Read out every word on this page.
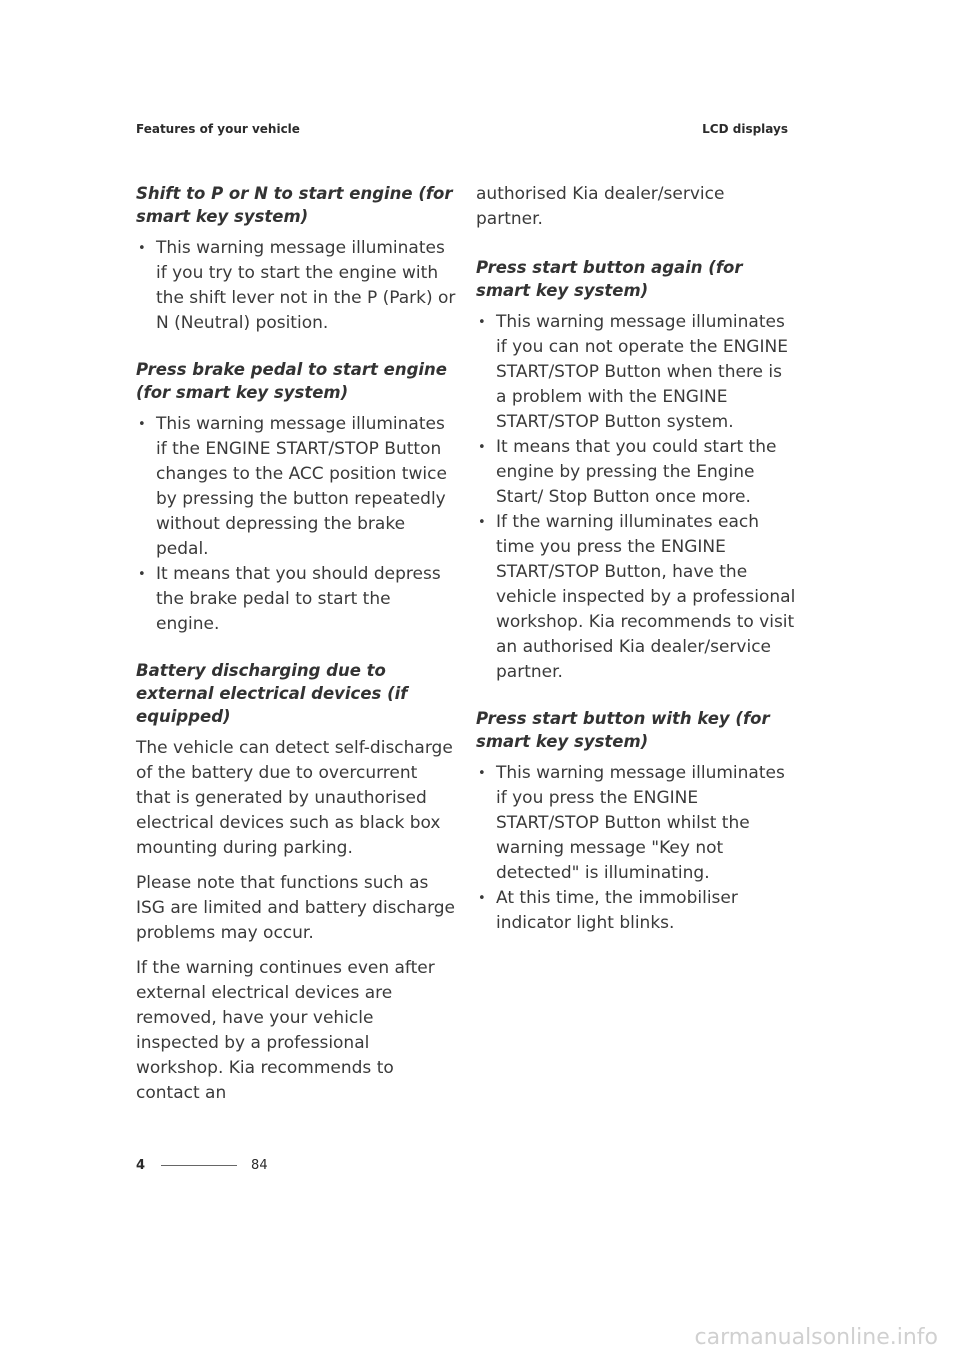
Features of your vehicle	LCD displays
Shift to P or N to start engine (for smart key system)
• This warning message illuminates if you try to start the engine with the shift lever not in the P (Park) or N (Neutral) position.
Press brake pedal to start engine (for smart key system)
• This warning message illuminates if the ENGINE START/STOP Button changes to the ACC position twice by pressing the button repeatedly without depressing the brake pedal.
• It means that you should depress the brake pedal to start the engine.
Battery discharging due to external electrical devices (if equipped)

The vehicle can detect self-discharge of the battery due to overcurrent that is generated by unauthorised electrical devices such as black box mounting during parking.

Please note that functions such as ISG are limited and battery discharge problems may occur.

If the warning continues even after external electrical devices are removed, have your vehicle inspected by a professional workshop. Kia recommends to contact an

authorised Kia dealer/service partner.

Press start button again (for smart key system)
• This warning message illuminates if you can not operate the ENGINE START/STOP Button when there is a problem with the ENGINE START/STOP Button system.
• It means that you could start the engine by pressing the Engine Start/ Stop Button once more.
• If the warning illuminates each time you press the ENGINE START/STOP Button, have the vehicle inspected by a professional workshop. Kia recommends to visit an authorised Kia dealer/service partner.
Press start button with key (for smart key system)
• This warning message illuminates if you press the ENGINE START/STOP Button whilst the warning message "Key not detected" is illuminating.
• At this time, the immobiliser indicator light blinks.
4	84
carmanualsonline.info
